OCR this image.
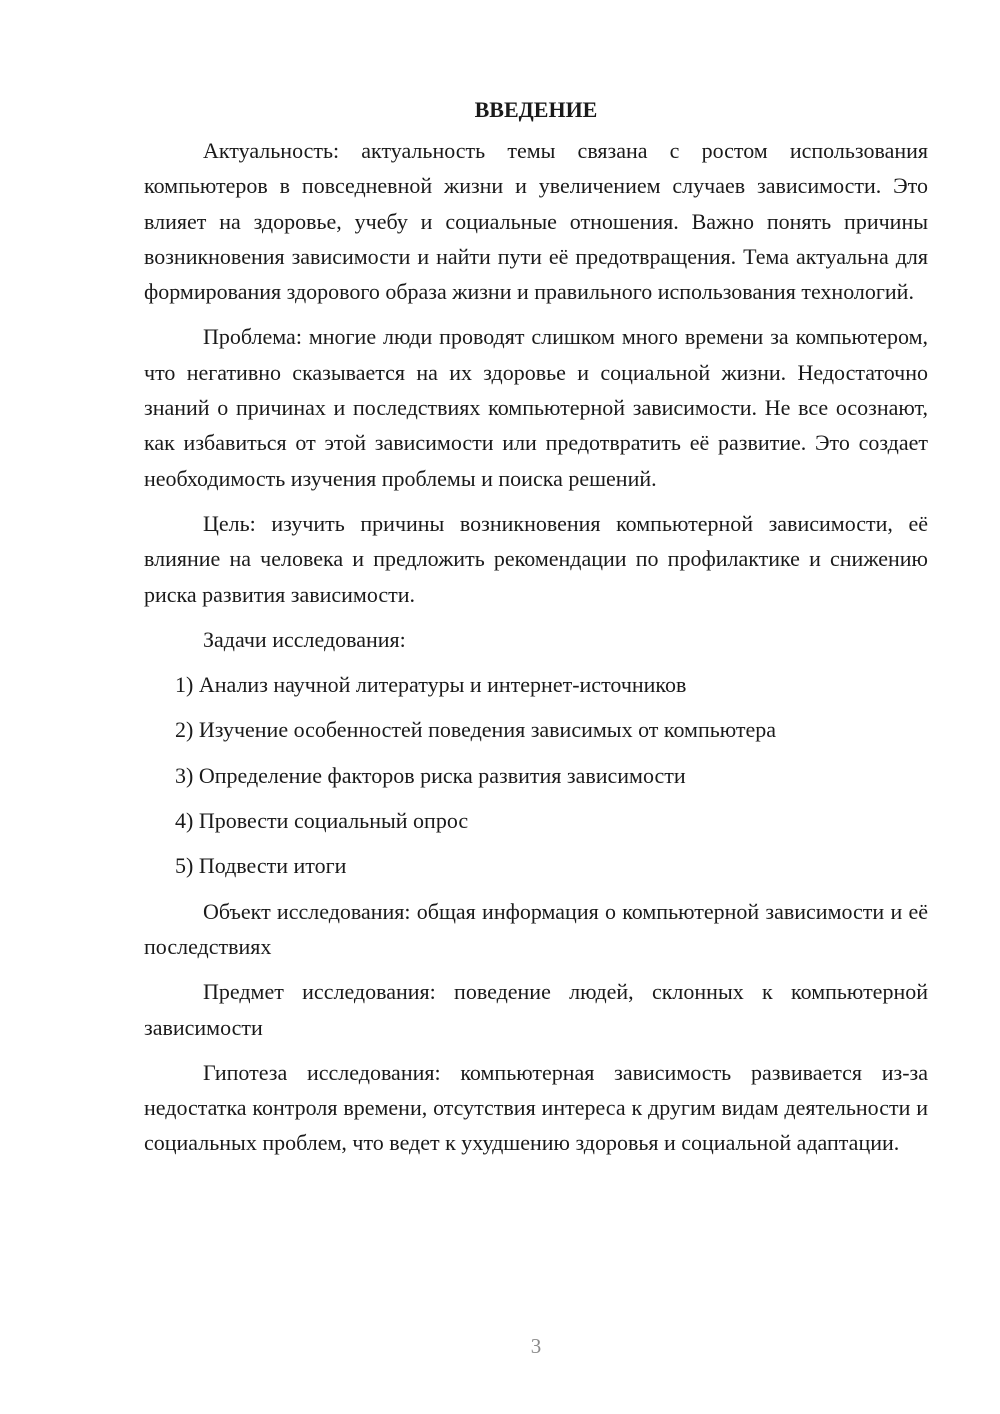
ВВЕДЕНИЕ

Актуальность: актуальность темы связана с ростом использования компьютеров в повседневной жизни и увеличением случаев зависимости. Это влияет на здоровье, учебу и социальные отношения. Важно понять причины возникновения зависимости и найти пути её предотвращения. Тема актуальна для формирования здорового образа жизни и правильного использования технологий.

Проблема: многие люди проводят слишком много времени за компьютером, что негативно сказывается на их здоровье и социальной жизни. Недостаточно знаний о причинах и последствиях компьютерной зависимости. Не все осознают, как избавиться от этой зависимости или предотвратить её развитие. Это создает необходимость изучения проблемы и поиска решений.

Цель: изучить причины возникновения компьютерной зависимости, её влияние на человека и предложить рекомендации по профилактике и снижению риска развития зависимости.

Задачи исследования:

1) Анализ научной литературы и интернет-источников

2) Изучение особенностей поведения зависимых от компьютера

3) Определение факторов риска развития зависимости

4) Провести социальный опрос

5) Подвести итоги

Объект исследования: общая информация о компьютерной зависимости и её последствиях

Предмет исследования: поведение людей, склонных к компьютерной зависимости

Гипотеза исследования: компьютерная зависимость развивается из-за недостатка контроля времени, отсутствия интереса к другим видам деятельности и социальных проблем, что ведет к ухудшению здоровья и социальной адаптации.

3
